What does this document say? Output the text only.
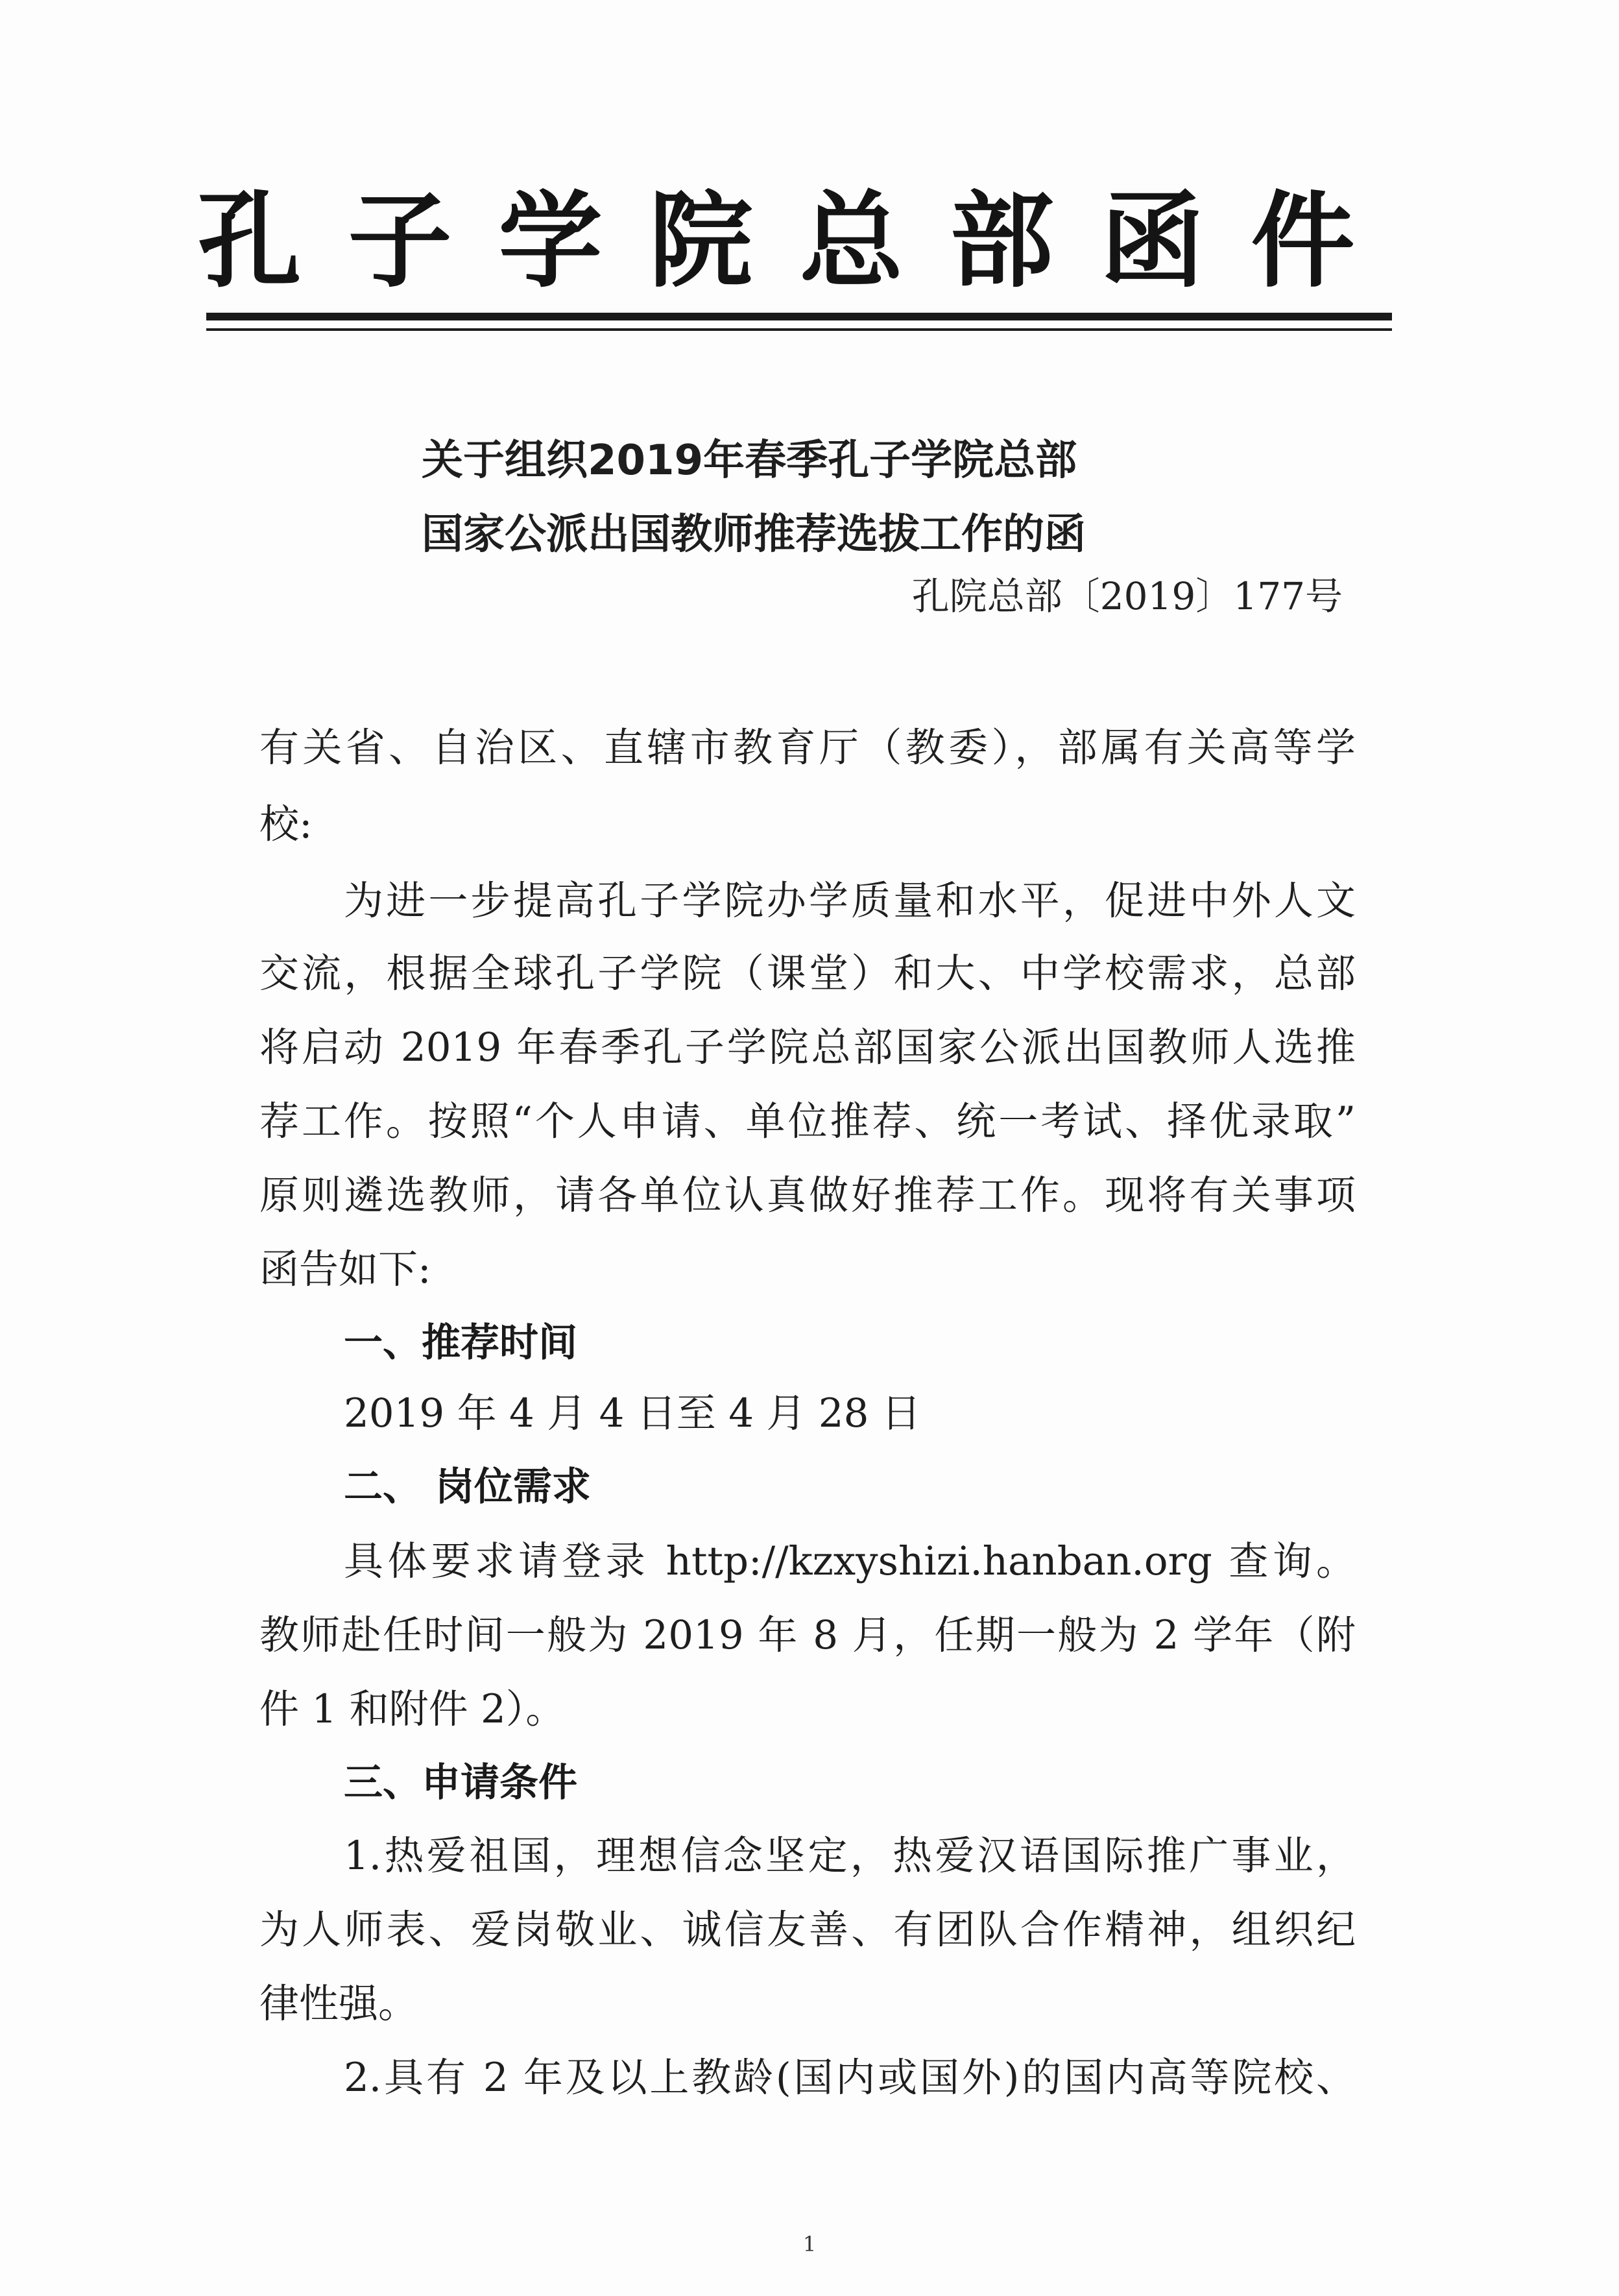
孔子学院总部函件
关于组织2019年春季孔子学院总部
国家公派出国教师推荐选拔工作的函
孔院总部〔2019〕177号
有关省、自治区、直辖市教育厅（教委），部属有关高等学
校:
为进一步提高孔子学院办学质量和水平，促进中外人文
交流，根据全球孔子学院（课堂）和大、中学校需求，总部
将启动 2019 年春季孔子学院总部国家公派出国教师人选推
荐工作。按照“个人申请、单位推荐、统一考试、择优录取”
原则遴选教师，请各单位认真做好推荐工作。现将有关事项
函告如下:
一、推荐时间
2019 年 4 月 4 日至 4 月 28 日
二、 岗位需求
具体要求请登录 http://kzxyshizi.hanban.org 查询。
教师赴任时间一般为 2019 年 8 月，任期一般为 2 学年（附
件 1 和附件 2）。
三、申请条件
1.热爱祖国，理想信念坚定，热爱汉语国际推广事业，
为人师表、爱岗敬业、诚信友善、有团队合作精神，组织纪
律性强。
2.具有 2 年及以上教龄(国内或国外)的国内高等院校、
1
